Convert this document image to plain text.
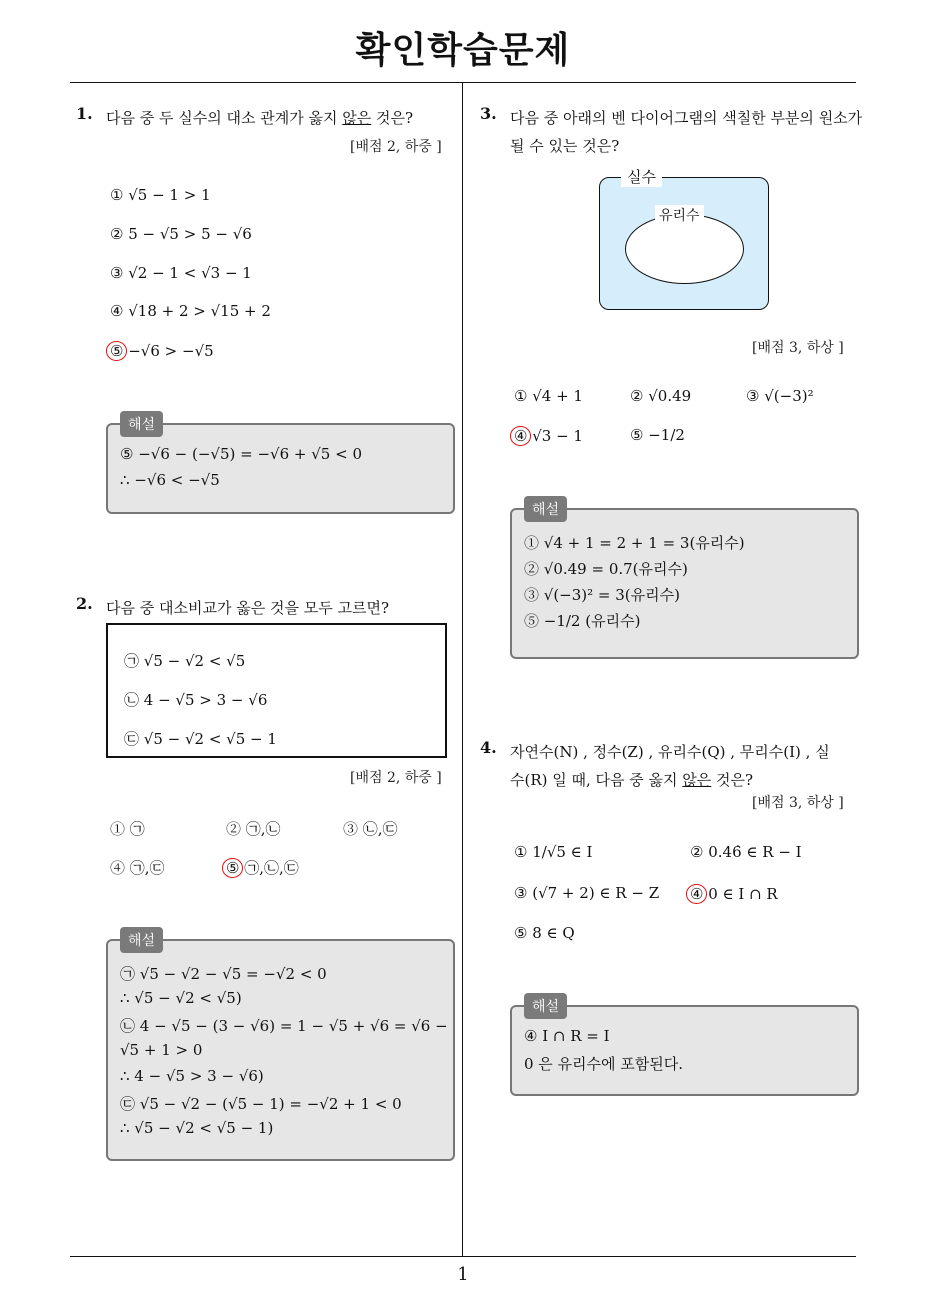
확인학습문제
1
1. 다음 중 두 실수의 대소 관계가 옳지 않은 것은?
[배점 2, 하중 ]
① √5 − 1 > 1
② 5 − √5 > 5 − √6
③ √2 − 1 < √3 − 1
④ √18 + 2 > √15 + 2
⑤ −√6 > −√5
⑤ −√6 − (−√5) = −√6 + √5 < 0
∴ −√6 < −√5
해설
2. 다음 중 대소비교가 옳은 것을 모두 고르면?
㉠ √5 − √2 < √5
㉡ 4 − √5 > 3 − √6
㉢ √5 − √2 < √5 − 1
[배점 2, 하중 ]
① ㉠	② ㉠,㉡	③ ㉡,㉢
④ ㉠,㉢	⑤ ㉠,㉡,㉢
㉠ √5 − √2 − √5 = −√2 < 0
∴ √5 − √2 < √5)
㉡ 4 − √5 − (3 − √6) = 1 − √5 + √6 = √6 −
√5 + 1 > 0
∴ 4 − √5 > 3 − √6)
㉢ √5 − √2 − (√5 − 1) = −√2 + 1 < 0
∴ √5 − √2 < √5 − 1)
해설
3. 다음 중 아래의 벤 다이어그램의 색칠한 부분의 원소가
될 수 있는 것은?
실수
유리수
[배점 3, 하상 ]
① √4 + 1	② √0.49	③ √(−3)²
④ √3 − 1	⑤ −1/2
① √4 + 1 = 2 + 1 = 3(유리수)
② √0.49 = 0.7(유리수)
③ √(−3)² = 3(유리수)
⑤ −1/2 (유리수)
해설
4. 자연수(N) , 정수(Z) , 유리수(Q) , 무리수(I) , 실
수(R) 일 때, 다음 중 옳지 않은 것은?
[배점 3, 하상 ]
① 1/√5 ∈ I	② 0.46̇ ∈ R − I
③ (√7 + 2) ∈ R − Z ④ 0 ∈ I ∩ R
⑤ 8 ∈ Q
④ I ∩ R = I
0 은 유리수에 포함된다.
해설
